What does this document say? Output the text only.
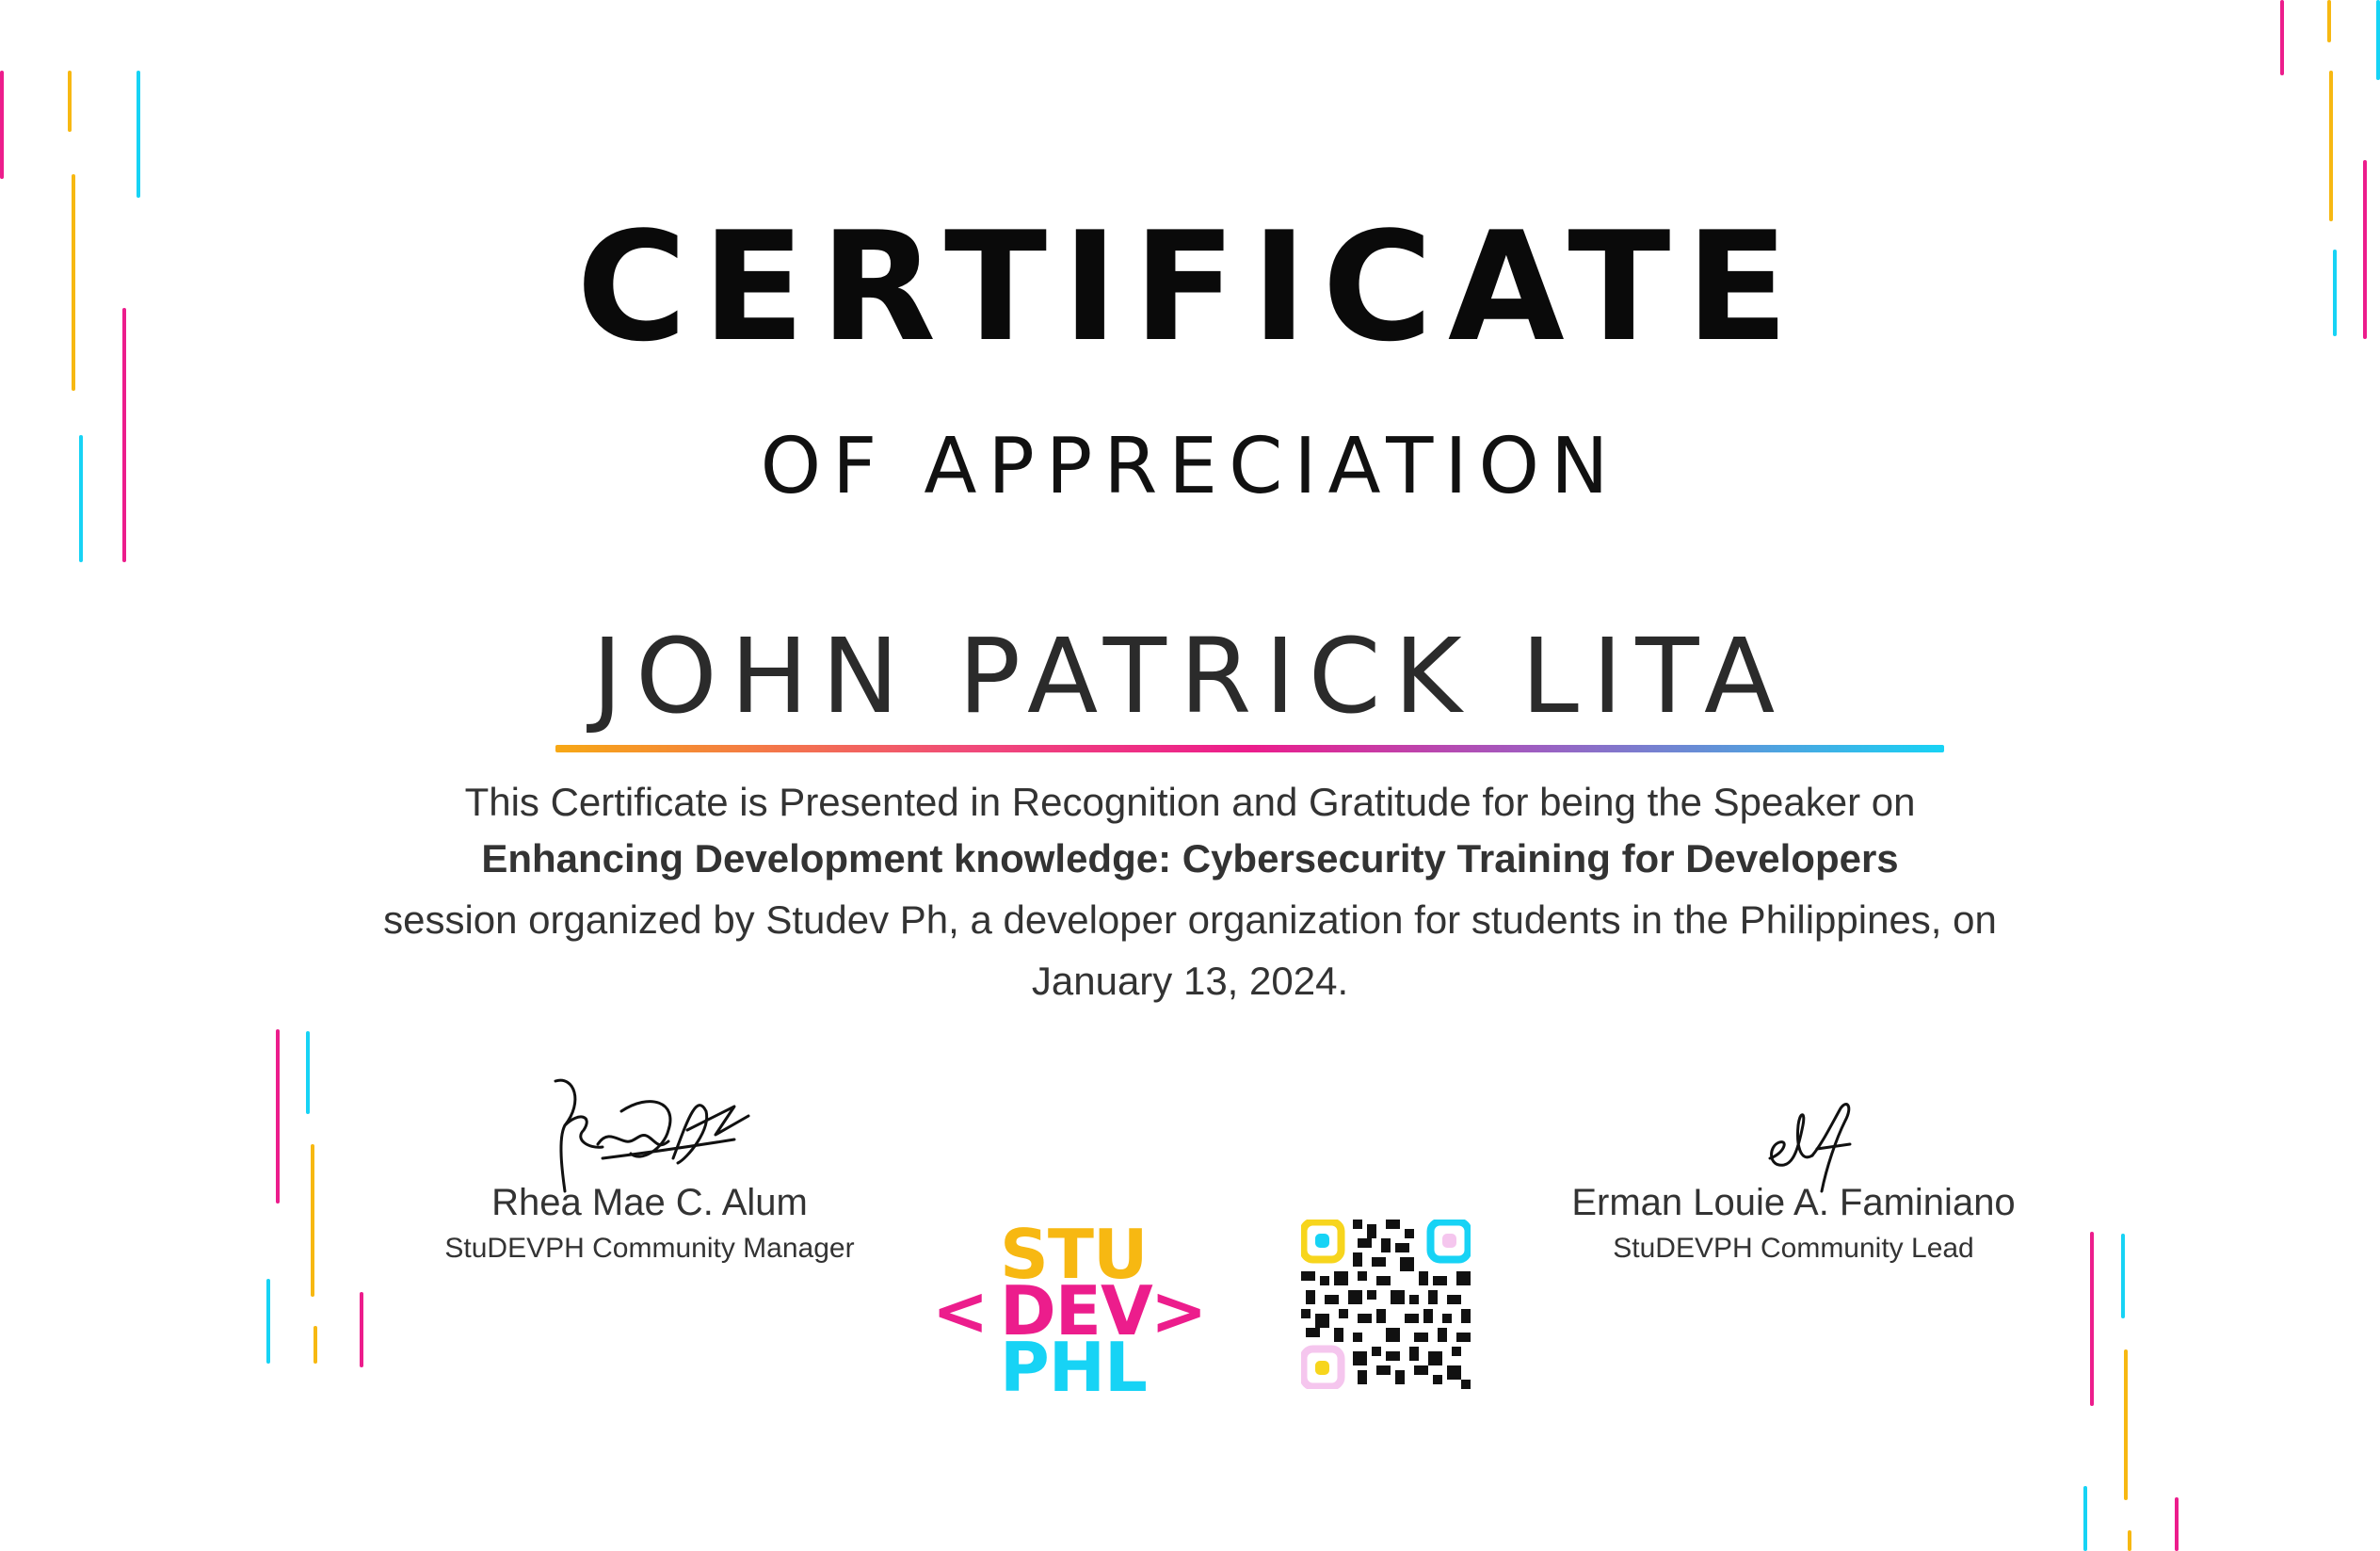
CERTIFICATE
OF APPRECIATION
JOHN PATRICK LITA
This Certificate is Presented in Recognition and Gratitude for being the Speaker on
Enhancing Development knowledge: Cybersecurity Training for Developers
session organized by Studev Ph, a developer organization for students in the Philippines, on
January 13, 2024.
Rhea Mae C. Alum
StuDEVPH Community Manager
Erman Louie A. Faminiano
StuDEVPH Community Lead
STU
< DEV
>
PHL
